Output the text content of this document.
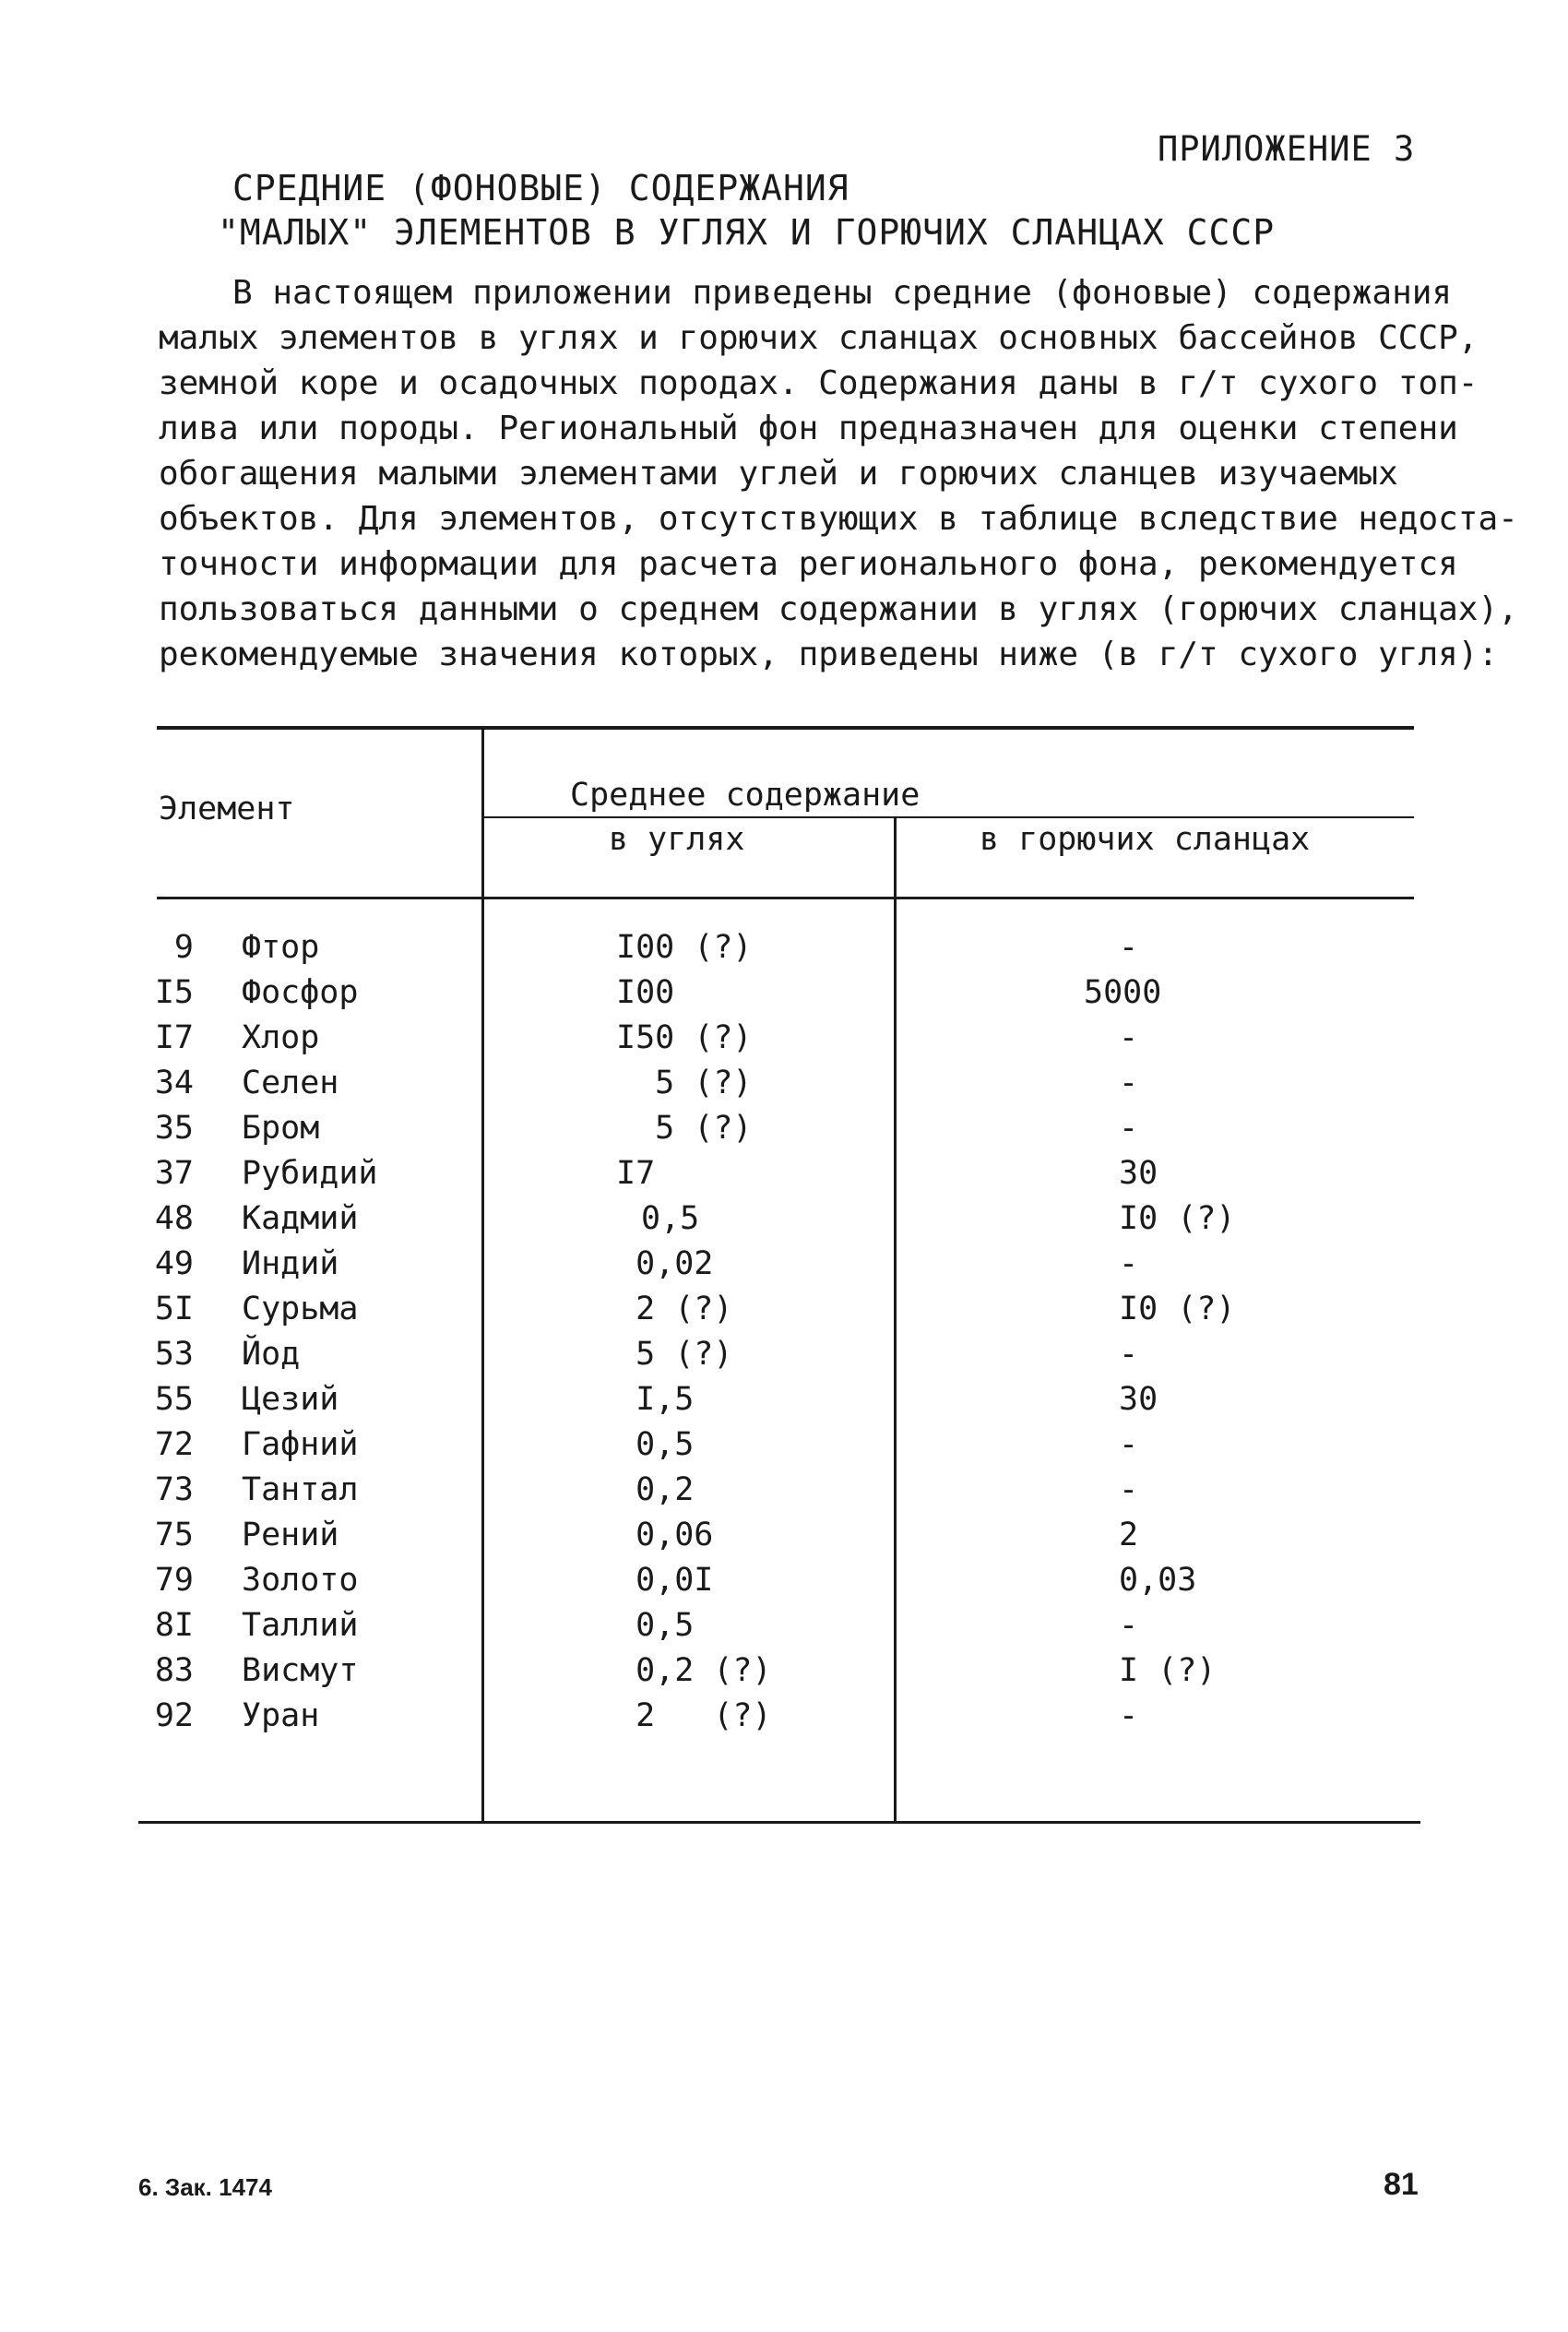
ПРИЛОЖЕНИЕ 3
СРЕДНИЕ (ФОНОВЫЕ) СОДЕРЖАНИЯ
"МАЛЫХ" ЭЛЕМЕНТОВ В УГЛЯХ И ГОРЮЧИХ СЛАНЦАХ СССР
В настоящем приложении приведены средние (фоновые) содержания
малых элементов в углях и горючих сланцах основных бассейнов СССР,
земной коре и осадочных породах. Содержания даны в г/т сухого топ-
лива или породы. Региональный фон предназначен для оценки степени
обогащения малыми элементами углей и горючих сланцев изучаемых
объектов. Для элементов, отсутствующих в таблице вследствие недоста-
точности информации для расчета регионального фона, рекомендуется
пользоваться данными о среднем содержании в углях (горючих сланцах),
рекомендуемые значения которых, приведены ниже (в г/т сухого угля):
Элемент	Среднее содержание
в углях	в горючих сланцах
9 Фтор	I00 (?)	-
I5 Фосфор	I00	5000
I7 Хлор	I50 (?)	-
34 Селен	5 (?)	-
35 Бром	5 (?)	-
37 Рубидий	I7	30
48 Кадмий	0,5	I0 (?)
49 Индий	0,02	-
5I Сурьма	2 (?)	I0 (?)
53 Йод	5 (?)	-
55 Цезий	I,5	30
72 Гафний	0,5	-
73 Тантал	0,2	-
75 Рений	0,06	2
79 Золото	0,0I	0,03
8I Таллий	0,5	-
83 Висмут	0,2 (?)	I (?)
92 Уран	2   (?)	-
6. Зак. 1474	81
